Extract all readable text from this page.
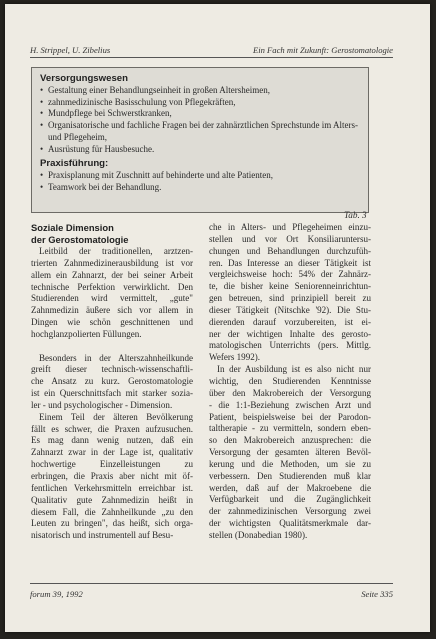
H. Strippel, U. Zibelius	Ein Fach mit Zukunft: Gerostomatologie
Versorgungswesen
• Gestaltung einer Behandlungseinheit in großen Altersheimen,
• zahnmedizinische Basisschulung von Pflegekräften,
• Mundpflege bei Schwerstkranken,
• Organisatorische und fachliche Fragen bei der zahnärztlichen Sprechstunde im Alters- und Pflegeheim,
• Ausrüstung für Hausbesuche.
Praxisführung:
• Praxisplanung mit Zuschnitt auf behinderte und alte Patienten,
• Teamwork bei der Behandlung.
Tab. 3
Soziale Dimension
der Gerostomatologie

Leitbild der traditionellen, arztzen-
trierten Zahnmedizinerausbildung ist vor
allem ein Zahnarzt, der bei seiner Arbeit
technische Perfektion verwirklicht. Den
Studierenden wird vermittelt, „gute"
Zahnmedizin äußere sich vor allem in
Dingen wie schön geschnittenen und
hochglanzpolierten Füllungen.

Besonders in der Alterszahnheilkunde
greift dieser technisch-wissenschaftli-
che Ansatz zu kurz. Gerostomatologie
ist ein Querschnittsfach mit starker sozia-
ler - und psychologischer - Dimension.

Einem Teil der älteren Bevölkerung
fällt es schwer, die Praxen aufzusuchen.
Es mag dann wenig nutzen, daß ein
Zahnarzt zwar in der Lage ist, qualitativ
hochwertige Einzelleistungen zu
erbringen, die Praxis aber nicht mit öf-
fentlichen Verkehrsmitteln erreichbar ist.
Qualitativ gute Zahnmedizin heißt in
diesem Fall, die Zahnheilkunde „zu den
Leuten zu bringen", das heißt, sich orga-
nisatorisch und instrumentell auf Besu-

che in Alters- und Pflegeheimen einzu-
stellen und vor Ort Konsiliaruntersu-
chungen und Behandlungen durchzufüh-
ren. Das Interesse an dieser Tätigkeit ist
vergleichsweise hoch: 54% der Zahnärz-
te, die bisher keine Seniorenneinrichtun-
gen betreuen, sind prinzipiell bereit zu
dieser Tätigkeit (Nitschke '92). Die Stu-
dierenden darauf vorzubereiten, ist ei-
ner der wichtigen Inhalte des gerosto-
matologischen Unterrichts (pers. Mittlg.
Wefers 1992).

In der Ausbildung ist es also nicht nur
wichtig, den Studierenden Kenntnisse
über den Makrobereich der Versorgung
- die 1:1-Beziehung zwischen Arzt und
Patient, beispielsweise bei der Parodon-
taltherapie - zu vermitteln, sondern eben-
so den Makrobereich anzusprechen: die
Versorgung der gesamten älteren Bevöl-
kerung und die Methoden, um sie zu
verbessern. Den Studierenden muß klar
werden, daß auf der Makroebene die
Verfügbarkeit und die Zugänglichkeit
der zahnmedizinischen Versorgung zwei
der wichtigsten Qualitätsmerkmale dar-
stellen (Donabedian 1980).

forum 39, 1992	Seite 335
